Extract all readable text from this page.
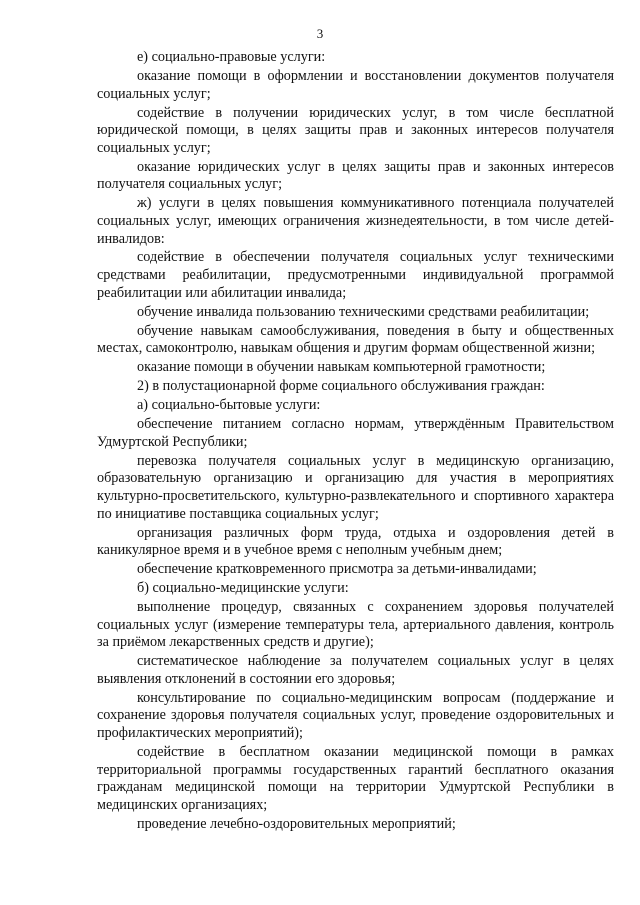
3

е) социально-правовые услуги:

оказание помощи в оформлении и восстановлении документов получателя социальных услуг;

содействие в получении юридических услуг, в том числе бесплатной юридической помощи, в целях защиты прав и законных интересов получателя социальных услуг;

оказание юридических услуг в целях защиты прав и законных интересов получателя социальных услуг;

ж) услуги в целях повышения коммуникативного потенциала получателей социальных услуг, имеющих ограничения жизнедеятельности, в том числе детей-инвалидов:

содействие в обеспечении получателя социальных услуг техническими средствами реабилитации, предусмотренными индивидуальной программой реабилитации или абилитации инвалида;

обучение инвалида пользованию техническими средствами реабилитации;

обучение навыкам самообслуживания, поведения в быту и общественных местах, самоконтролю, навыкам общения и другим формам общественной жизни;

оказание помощи в обучении навыкам компьютерной грамотности;

2) в полустационарной форме социального обслуживания граждан:

а) социально-бытовые услуги:

обеспечение питанием согласно нормам, утверждённым Правительством Удмуртской Республики;

перевозка получателя социальных услуг в медицинскую организацию, образовательную организацию и организацию для участия в мероприятиях культурно-просветительского, культурно-развлекательного и спортивного характера по инициативе поставщика социальных услуг;

организация различных форм труда, отдыха и оздоровления детей в каникулярное время и в учебное время с неполным учебным днем;

обеспечение кратковременного присмотра за детьми-инвалидами;

б) социально-медицинские услуги:

выполнение процедур, связанных с сохранением здоровья получателей социальных услуг (измерение температуры тела, артериального давления, контроль за приёмом лекарственных средств и другие);

систематическое наблюдение за получателем социальных услуг в целях выявления отклонений в состоянии его здоровья;

консультирование по социально-медицинским вопросам (поддержание и сохранение здоровья получателя социальных услуг, проведение оздоровительных и профилактических мероприятий);

содействие в бесплатном оказании медицинской помощи в рамках территориальной программы государственных гарантий бесплатного оказания гражданам медицинской помощи на территории Удмуртской Республики в медицинских организациях;

проведение лечебно-оздоровительных мероприятий;
